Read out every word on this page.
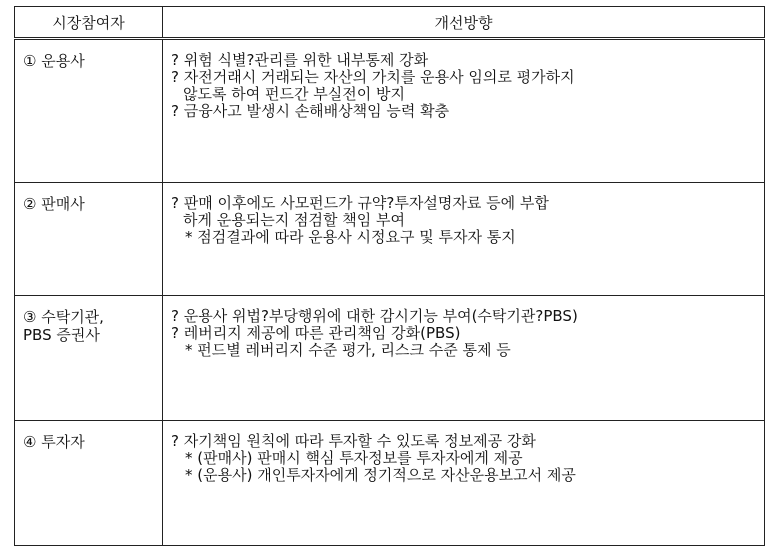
시장참여자	개선방향

① 운용사	? 위험 식별?관리를 위한 내부통제 강화
? 자전거래시 거래되는 자산의 가치를 운용사 임의로 평가하지
않도록 하여 펀드간 부실전이 방지
? 금융사고 발생시 손해배상책임 능력 확충

② 판매사	? 판매 이후에도 사모펀드가 규약?투자설명자료 등에 부합
하게 운용되는지 점검할 책임 부여
* 점검결과에 따라 운용사 시정요구 및 투자자 통지

③ 수탁기관,
PBS 증권사	? 운용사 위법?부당행위에 대한 감시기능 부여(수탁기관?PBS)
? 레버리지 제공에 따른 관리책임 강화(PBS)
* 펀드별 레버리지 수준 평가, 리스크 수준 통제 등

④ 투자자	? 자기책임 원칙에 따라 투자할 수 있도록 정보제공 강화
* (판매사) 판매시 핵심 투자정보를 투자자에게 제공
* (운용사) 개인투자자에게 정기적으로 자산운용보고서 제공
